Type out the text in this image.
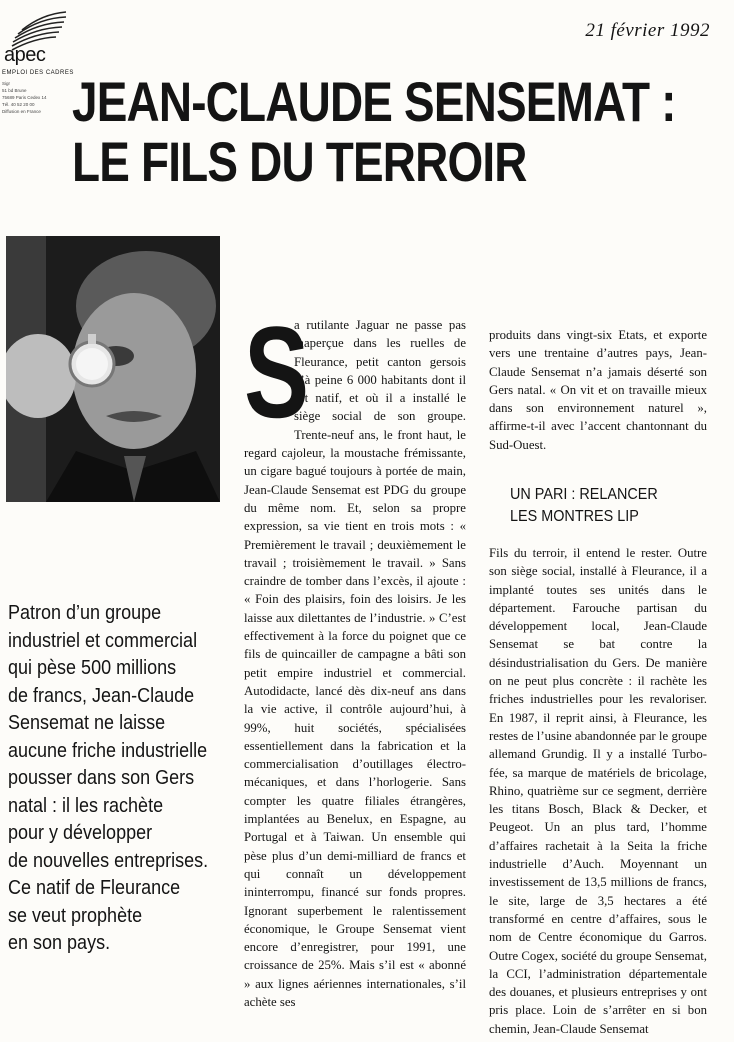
apec
EMPLOI DES CADRES
Sigr
51 bd Brune
75689 Paris Cedex 14
Tél. 40 52 20 00
Diffusion en France
21 février 1992
JEAN-CLAUDE SENSEMAT :
LE FILS DU TERROIR
Patron d’un groupe
industriel et commercial
qui pèse 500 millions
de francs, Jean-Claude
Sensemat ne laisse
aucune friche industrielle
pousser dans son Gers
natal : il les rachète
pour y développer
de nouvelles entreprises.
Ce natif de Fleurance
se veut prophète
en son pays.
S
a rutilante Jaguar ne passe pas inaperçue dans les ruelles de Fleurance, petit canton gersois d’à peine 6 000 habitants dont il est natif, et où il a installé le siège social de son groupe. Trente-neuf ans, le front haut, le regard cajoleur, la moustache frémissante, un cigare bagué toujours à portée de main, Jean-Claude Sensemat est PDG du groupe du même nom. Et, selon sa propre expression, sa vie tient en trois mots : « Premièrement le travail ; deuxièmement le travail ; troisièmement le travail. » Sans craindre de tomber dans l’excès, il ajoute : « Foin des plaisirs, foin des loisirs. Je les laisse aux dilettantes de l’industrie. » C’est effectivement à la force du poignet que ce fils de quincailler de campagne a bâti son petit empire industriel et commercial. Autodidacte, lancé dès dix-neuf ans dans la vie active, il contrôle aujourd’hui, à 99%, huit sociétés, spécialisées essentiellement dans la fabrication et la commercialisation d’outillages électro-mécaniques, et dans l’horlogerie. Sans compter les quatre filiales étrangères, implantées au Benelux, en Espagne, au Portugal et à Taiwan. Un ensemble qui pèse plus d’un demi-milliard de francs et qui connaît un développement ininterrompu, financé sur fonds propres. Ignorant superbement le ralentissement économique, le Groupe Sensemat vient encore d’enregistrer, pour 1991, une croissance de 25%. Mais s’il est « abonné » aux lignes aériennes internationales, s’il achète ses
produits dans vingt-six Etats, et exporte vers une trentaine d’autres pays, Jean-Claude Sensemat n’a jamais déserté son Gers natal. « On vit et on travaille mieux dans son environnement naturel », affirme-t-il avec l’accent chantonnant du Sud-Ouest.
UN PARI : RELANCER
LES MONTRES LIP
Fils du terroir, il entend le rester. Outre son siège social, installé à Fleurance, il a implanté toutes ses unités dans le département. Farouche partisan du développement local, Jean-Claude Sensemat se bat contre la désindustrialisation du Gers. De manière on ne peut plus concrète : il rachète les friches industrielles pour les revaloriser. En 1987, il reprit ainsi, à Fleurance, les restes de l’usine abandonnée par le groupe allemand Grundig. Il y a installé Turbo-fée, sa marque de matériels de bricolage, Rhino, quatrième sur ce segment, derrière les titans Bosch, Black & Decker, et Peugeot. Un an plus tard, l’homme d’affaires rachetait à la Seita la friche industrielle d’Auch. Moyennant un investissement de 13,5 millions de francs, le site, large de 3,5 hectares a été transformé en centre d’affaires, sous le nom de Centre économique du Garros. Outre Cogex, société du groupe Sensemat, la CCI, l’administration départementale des douanes, et plusieurs entreprises y ont pris place. Loin de s’arrêter en si bon chemin, Jean-Claude Sensemat
